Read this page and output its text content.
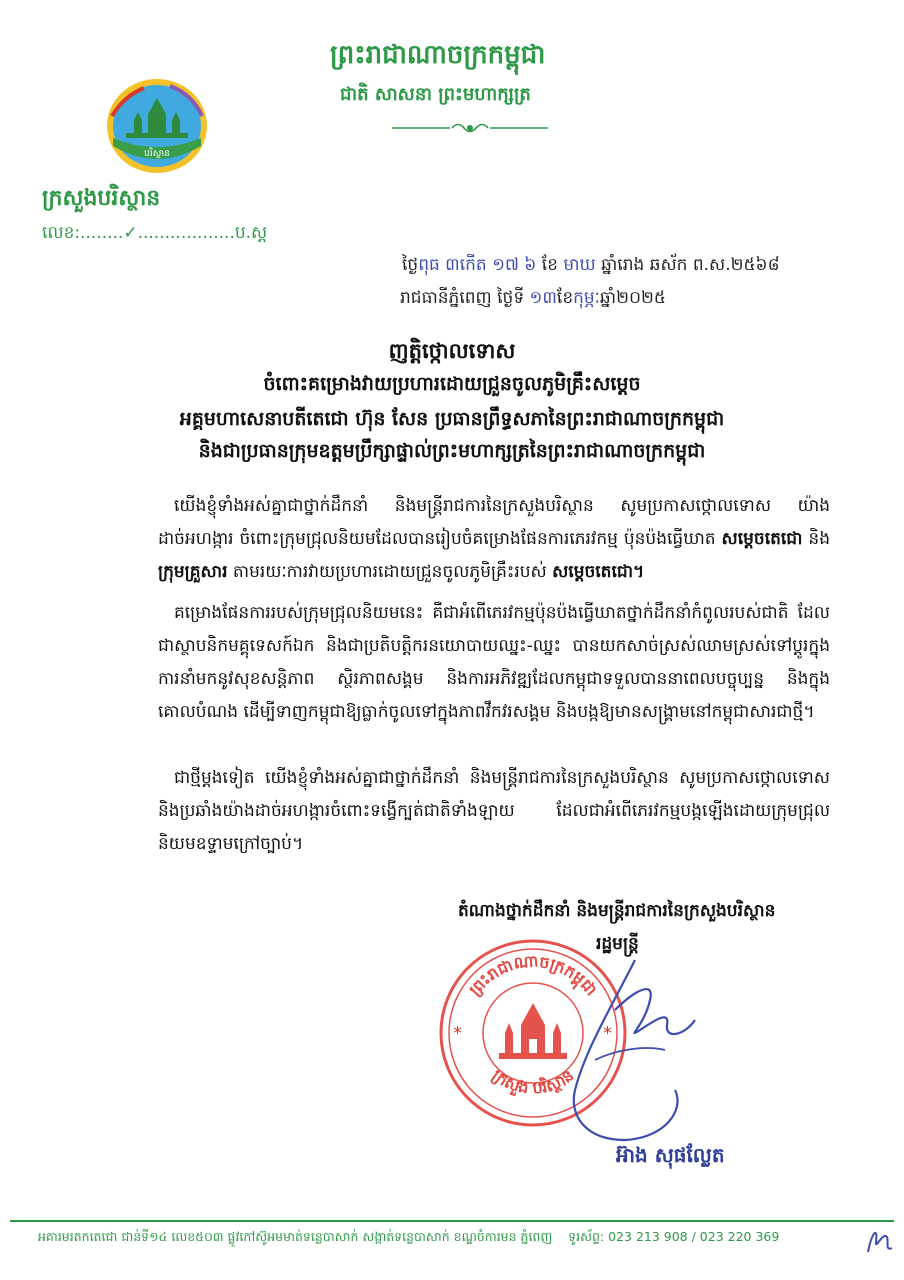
ព្រះរាជាណាចក្រកម្ពុជា
ជាតិ សាសនា ព្រះមហាក្សត្រ
បរិស្ថាន
ក្រសួងបរិស្ថាន
លេខ:........✓..................ប.ស្ត
ថ្ងៃពុធ ៣កើត ១៧ ៦ ខែ មាឃ ឆ្នាំរោង ឆស័ក ព.ស.២៥៦៨
រាជធានីភ្នំពេញ ថ្ងៃទី ១៣ខែកុម្ភៈឆ្នាំ២០២៥
ញត្តិថ្កោលទោស
ចំពោះគម្រោងវាយប្រហារដោយជ្រួនចូលភូមិគ្រឹះសម្ដេច
អគ្គមហាសេនាបតីតេជោ ហ៊ុន សែន ប្រធានព្រឹទ្ធសភានៃព្រះរាជាណាចក្រកម្ពុជា
និងជាប្រធានក្រុមឧត្តមប្រឹក្សាផ្ទាល់ព្រះមហាក្សត្រនៃព្រះរាជាណាចក្រកម្ពុជា
យើងខ្ញុំទាំងអស់គ្នាជាថ្នាក់ដឹកនាំ និងមន្ត្រីរាជការនៃក្រសួងបរិស្ថាន សូមប្រកាសថ្កោលទោស យ៉ាងដាច់អហង្ការ ចំពោះក្រុមជ្រុលនិយមដែលបានរៀបចំគម្រោងផែនការភេរវកម្ម ប៉ុនប៉ងធ្វើឃាត សម្ដេចតេជោ និង ក្រុមគ្រួសារ តាមរយៈការវាយប្រហារដោយជ្រួនចូលភូមិគ្រឹះរបស់ សម្ដេចតេជោ។
គម្រោងផែនការរបស់ក្រុមជ្រុលនិយមនេះ គឺជាអំពើភេរវកម្មប៉ុនប៉ងធ្វើឃាតថ្នាក់ដឹកនាំកំពូលរបស់ជាតិ ដែលជាស្ថាបនិកមគ្គុទេសក៍ឯក និងជាប្រតិបត្តិករនយោបាយឈ្នះ-ឈ្នះ បានយកសាច់ស្រស់ឈាមស្រស់ទៅប្ដូរក្នុងការនាំមកនូវសុខសន្តិភាព ស្ថិរភាពសង្គម និងការអភិវឌ្ឍដែលកម្ពុជាទទួលបាននាពេលបច្ចុប្បន្ន និងក្នុងគោលបំណង ដើម្បីទាញកម្ពុជាឱ្យធ្លាក់ចូលទៅក្នុងភាពវឹកវរសង្គម និងបង្កឱ្យមានសង្គ្រាមនៅកម្ពុជាសារជាថ្មី។
ជាថ្មីម្ដងទៀត យើងខ្ញុំទាំងអស់គ្នាជាថ្នាក់ដឹកនាំ និងមន្ត្រីរាជការនៃក្រសួងបរិស្ថាន សូមប្រកាសថ្កោលទោស និងប្រឆាំងយ៉ាងដាច់អហង្ការចំពោះទង្វើក្បត់ជាតិទាំងឡាយ ដែលជាអំពើភេរវកម្មបង្កឡើងដោយក្រុមជ្រុលនិយមឧទ្ទាមក្រៅច្បាប់។
តំណាងថ្នាក់ដឹកនាំ និងមន្ត្រីរាជការនៃក្រសួងបរិស្ថាន
រដ្ឋមន្ត្រី
ព្រះរាជាណាចក្រកម្ពុជា
ក្រសួង បរិស្ថាន
*	*
អ៊ាង សុផល្លែត
អគារមរតកតេជោ ជាន់ទី១៤ លេខ៥០៣ ផ្លូវកៅស៊ូអមមាត់ទន្លេបាសាក់ សង្កាត់ទន្លេបាសាក់ ខណ្ឌចំការមន ភ្នំពេញ ទូរស័ព្ទ: 023 213 908 / 023 220 369
